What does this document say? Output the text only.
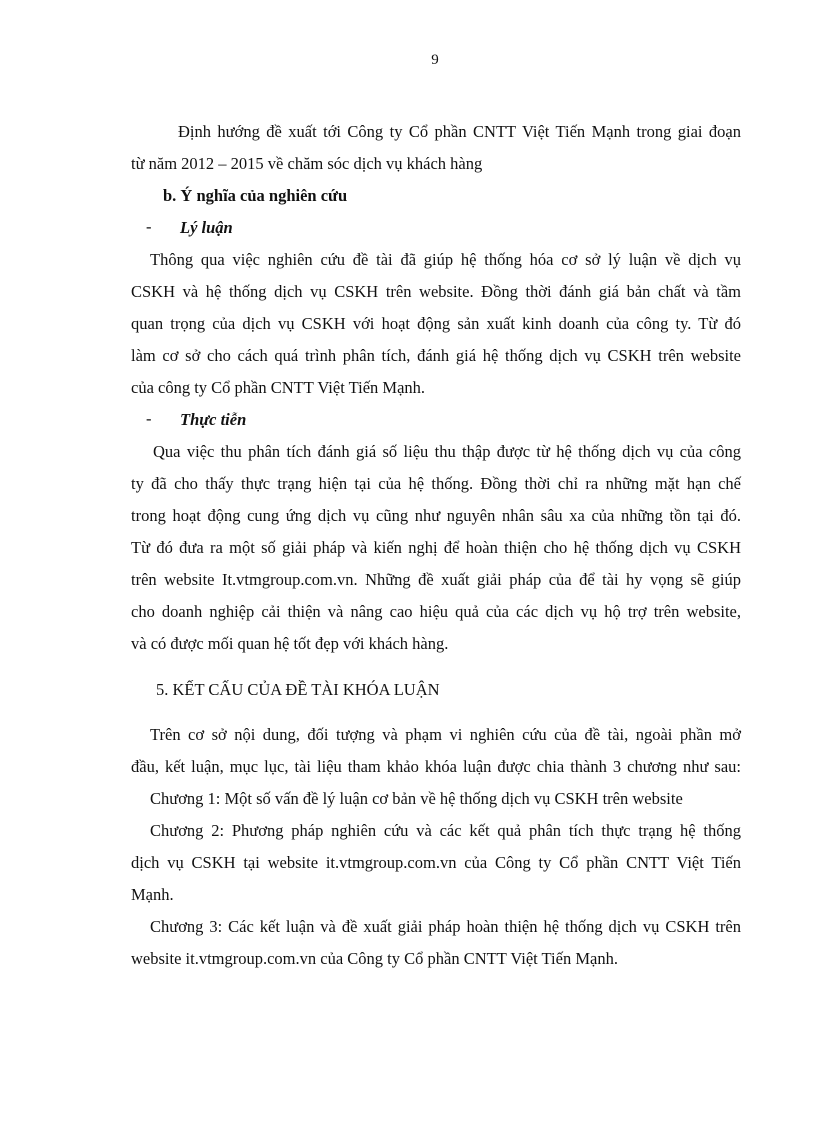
9
Định hướng đề xuất tới Công ty Cổ phần CNTT Việt Tiến Mạnh trong giai đoạn
từ năm 2012 – 2015 về chăm sóc dịch vụ khách hàng
b. Ý nghĩa của nghiên cứu
- Lý luận
Thông qua việc nghiên cứu đề tài đã giúp hệ thống hóa cơ sở lý luận về dịch vụ
CSKH và hệ thống dịch vụ CSKH trên website. Đồng thời đánh giá bản chất và tầm
quan trọng của dịch vụ CSKH với hoạt động sản xuất kinh doanh của công ty. Từ đó
làm cơ sở cho cách quá trình phân tích, đánh giá hệ thống dịch vụ CSKH trên website
của công ty Cổ phần CNTT Việt Tiến Mạnh.
- Thực tiễn
Qua việc thu phân tích đánh giá số liệu thu thập được từ hệ thống dịch vụ của công
ty đã cho thấy thực trạng hiện tại của hệ thống. Đồng thời chỉ ra những mặt hạn chế
trong hoạt động cung ứng dịch vụ cũng như nguyên nhân sâu xa của những tồn tại đó.
Từ đó đưa ra một số giải pháp và kiến nghị để hoàn thiện cho hệ thống dịch vụ CSKH
trên website It.vtmgroup.com.vn. Những đề xuất giải pháp của để tài hy vọng sẽ giúp
cho doanh nghiệp cải thiện và nâng cao hiệu quả của các dịch vụ hộ trợ trên website,
và có được mối quan hệ tốt đẹp với khách hàng.
5. KẾT CẤU CỦA ĐỀ TÀI KHÓA LUẬN
Trên cơ sở nội dung, đối tượng và phạm vi nghiên cứu của đề tài, ngoài phần mở
đầu, kết luận, mục lục, tài liệu tham khảo khóa luận được chia thành 3 chương như sau:
Chương 1: Một số vấn đề lý luận cơ bản về hệ thống dịch vụ CSKH trên website
Chương 2: Phương pháp nghiên cứu và các kết quả phân tích thực trạng hệ thống
dịch vụ CSKH tại website it.vtmgroup.com.vn của Công ty Cổ phần CNTT Việt Tiến
Mạnh.
Chương 3: Các kết luận và đề xuất giải pháp hoàn thiện hệ thống dịch vụ CSKH trên
website it.vtmgroup.com.vn của Công ty Cổ phần CNTT Việt Tiến Mạnh.
